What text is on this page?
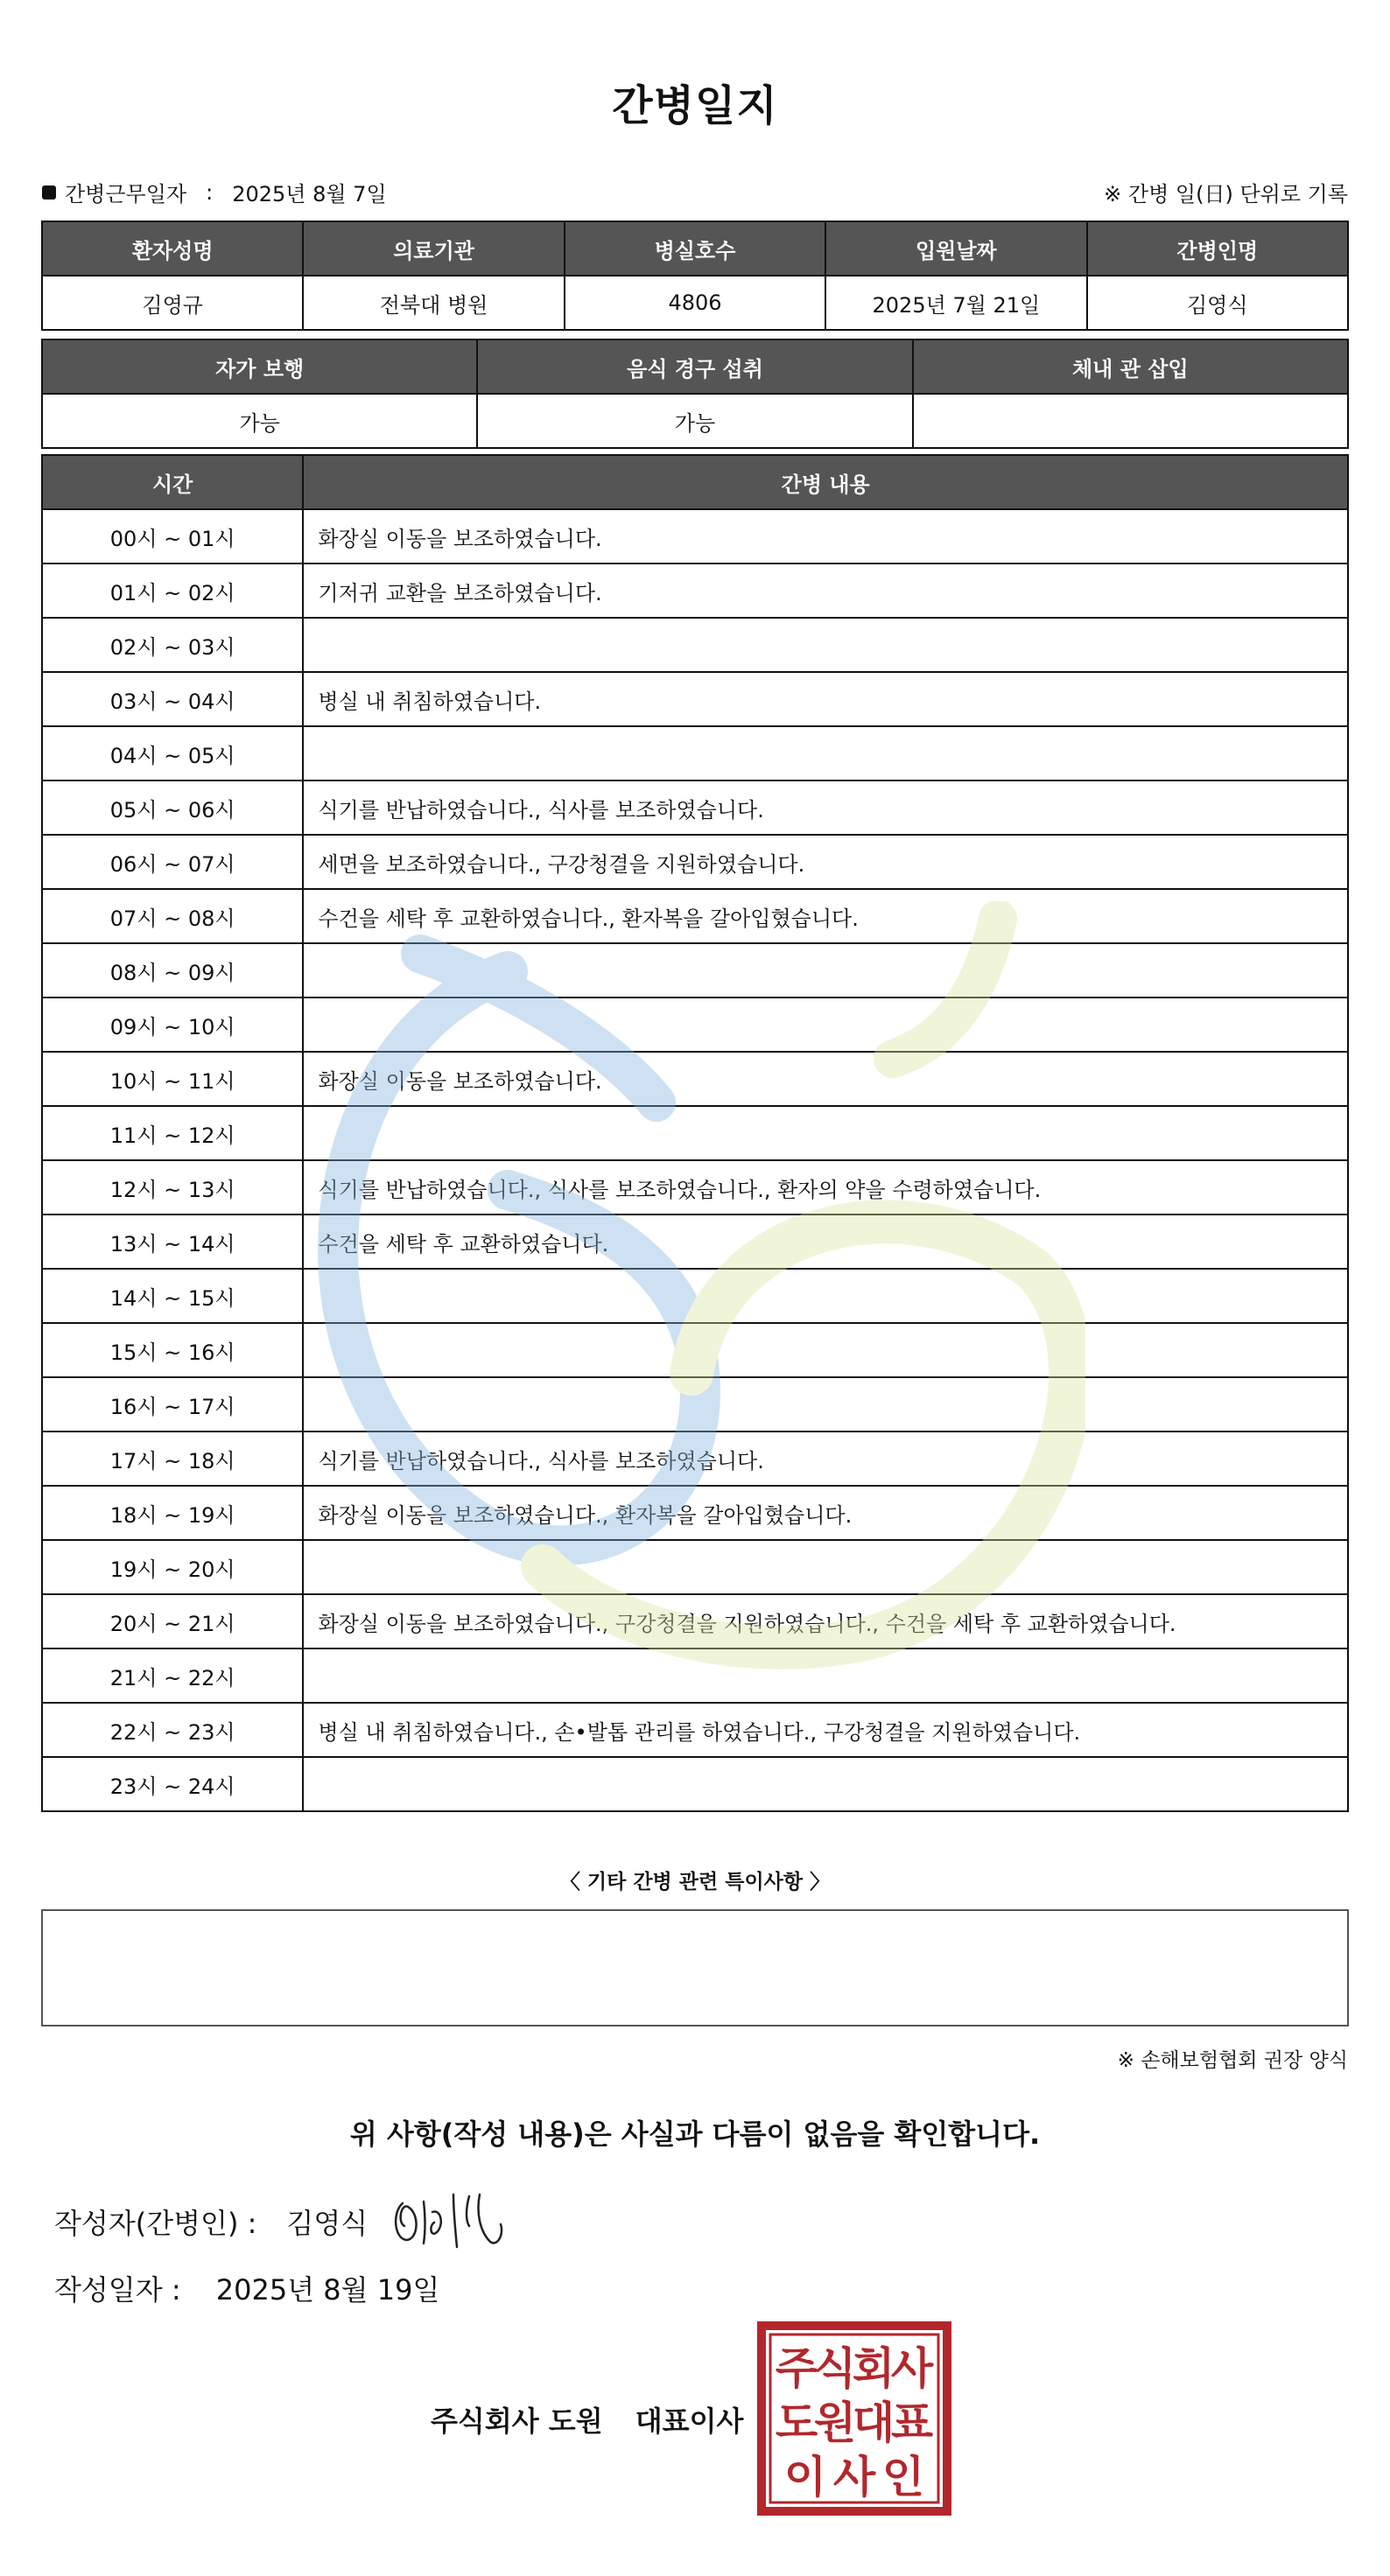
간병일지
간병근무일자 : 2025년 8월 7일	※ 간병 일(日) 단위로 기록
환자성명	의료기관	병실호수	입원날짜	간병인명
김영규	전북대 병원	4806	2025년 7월 21일	김영식
자가 보행	음식 경구 섭취	체내 관 삽입
가능	가능	
시간	간병 내용
00시 ~ 01시	화장실 이동을 보조하였습니다.
01시 ~ 02시	기저귀 교환을 보조하였습니다.
02시 ~ 03시	
03시 ~ 04시	병실 내 취침하였습니다.
04시 ~ 05시	
05시 ~ 06시	식기를 반납하였습니다., 식사를 보조하였습니다.
06시 ~ 07시	세면을 보조하였습니다., 구강청결을 지원하였습니다.
07시 ~ 08시	수건을 세탁 후 교환하였습니다., 환자복을 갈아입혔습니다.
08시 ~ 09시	
09시 ~ 10시	
10시 ~ 11시	화장실 이동을 보조하였습니다.
11시 ~ 12시	
12시 ~ 13시	식기를 반납하였습니다., 식사를 보조하였습니다., 환자의 약을 수령하였습니다.
13시 ~ 14시	수건을 세탁 후 교환하였습니다.
14시 ~ 15시	
15시 ~ 16시	
16시 ~ 17시	
17시 ~ 18시	식기를 반납하였습니다., 식사를 보조하였습니다.
18시 ~ 19시	화장실 이동을 보조하였습니다., 환자복을 갈아입혔습니다.
19시 ~ 20시	
20시 ~ 21시	화장실 이동을 보조하였습니다., 구강청결을 지원하였습니다., 수건을 세탁 후 교환하였습니다.
21시 ~ 22시	
22시 ~ 23시	병실 내 취침하였습니다., 손•발톱 관리를 하였습니다., 구강청결을 지원하였습니다.
23시 ~ 24시	
〈 기타 간병 관련 특이사항 〉
※ 손해보험협회 권장 양식
위 사항(작성 내용)은 사실과 다름이 없음을 확인합니다.
작성자(간병인) : 김영식
작성일자 : 2025년 8월 19일
주식회사 도원 대표이사
주
식
회
사
도
원
대
표
이 사 인
